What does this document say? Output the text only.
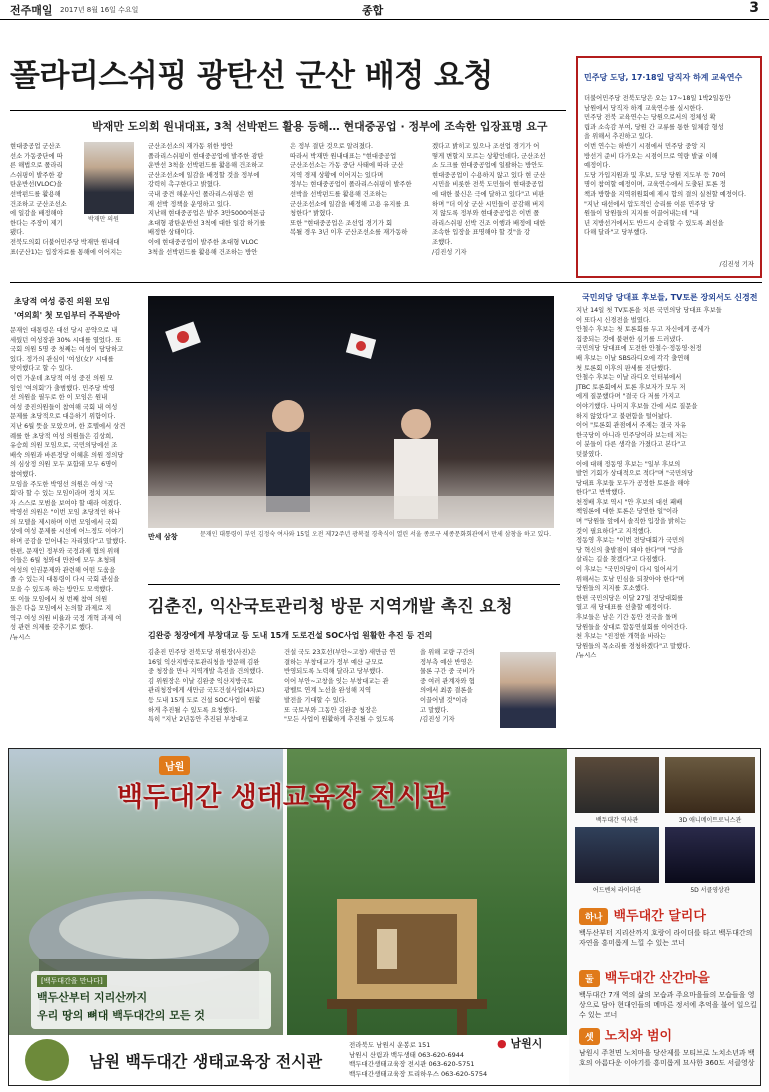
전주매일 2017년 8월 16일 수요일	종합	3
폴라리스쉬핑 광탄선 군산 배정 요청
박재만 도의회 원내대표, 3척 선박펀드 활용 등해… 현대중공업 · 정부에 조속한 입장표명 요구
박재만 의원
현대중공업 군산조
선소 가동중단에 따
른 해법으로 폴라리
스쉬핑이 발주한 광
탄운반선(VLOC)을
선박펀드를 활용해
건조하고 군산조선소
에 일감을 배정해야
한다는 주장이 제기
됐다.
전북도의회 더불어민주당 박재만 원내대
표(군산1)는 입장자료를 통해에 이어지는
군산조선소의 재가동 위한 방안
폴라리스쉬핑이 현대중공업에 발주한 광탄
운반선 3척을 선박펀드를 활용해 건조하고
군산조선소에 일감을 배정할 것을 정부에
강력히 촉구한다고 밝혔다.
국내 중견 해운사인 폴라리스쉬핑은 현
재 선박 정책을 운영하고 있다.
지난해 현대중공업은 발주 3만5000여톤급
초대형 광탄운반선 3척에 대한 일감 하기를
배정한 상태이다.
이에 현대중공업이 발주한 초대형 VLOC
3척을 선박펀드를 활용해 건조하는 방안
은 정부 결단 것으로 알려졌다.
따라서 박재만 원내대표는 "현대중공업
군산조선소는 가동 중단 사태에 따라 군산
지역 경제 상황에 이어지는 있다며
정부는 현대중공업이 폴라리스쉬핑이 발주한
선박을 선박펀드를 활용해 건조하는
군산조선소에 일감을 배정해 고용 유지를 요
청한다" 밝혔다.
또한 "현대중공업은 조선업 경기가 회
복될 경우 3년 이후 군산조선소를 재가동하
겠다고 밝히고 있으나 조선업 경기가 어
떻게 변할지 모르는 상황인데다, 군산조선
소 도크를 현대중공업에 일괄하는 방안도
현대중공업이 수용하지 않고 있다 현 군산
시민을 비롯한 전북 도민들이 현대중공업
에 대한 불신은 극에 달하고 있다"고 비판
하며 "더 이상 군산 시민들이 공감해 버지
지 않도록 정부와 현대중공업은 이번 폴
라리스쉬핑 선박 건조 이행과 배정에 대한
조속한 입장을 표명해야 할 것"을 강
조했다.
/김진성 기자
민주당 도당, 17·18일 당직자 하계 교육연수
더불어민주당 전북도당은 오는 17~18일 1박2일동안
남원에서 당직자 하계 교육연수를 실시한다.
민주당 전북 교육연수는 당원으로서의 정체성 확
립과 소속감 부여, 당원 간 교류를 통한 일체감 형성
을 위해서 추진하고 있다.
이번 연수는 하반기 시점에서 민주당 중앙 지
방선거 준비 다가오는 시점이므로 역량 발굴 이해
예정이다.
도당 가입지원과 및 후보, 도당 당원 지도부 등 70여
명이 참여할 예정이며, 교육연수에서 도출된 토론 정
책과 방향을 지역위원회에 제시 합의 결의 실천할 예정이다.
"지난 대선에서 압도적인 승리를 이룬 민주당 당
원들이 당원들의 지지를 이끌어내는데 "내
년 지방선거에서도 반드시 승리할 수 있도록 최선을
다해 달라"고 당부했다.
/김진성 기자
초당적 여성 중진 의원 모임
'여의회' 첫 모임부터 주목받아
문재인 대통령은 대선 당시 공약으로 내
세웠던 여성장관 30% 시대를 열었다. 또
국회 의원 5명 중 첫째는 여성이 담당하고
있다. 정가의 관심이 '여성(女)' 시대를
맞이했다고 할 수 있다.
이런 가운데 초당적 여성 중진 의원 모
임인 '여의회'가 출범했다. 민주당 박영
선 의원을 필두로 한 이 모임은 원내
여성 중진의원들이 참여해 국회 내 여성
문제를 초당적으로 대응하기 위함이다.
지난 6월 뜻을 모았으며, 한 호텔에서 상견
례를 한 초당적 여성 의원들은 김상희,
유승희 의원 모임으로, 국민의당에선 조
배숙 의원과 바른정당 이혜훈 의원 정의당
의 심상정 의원 모두 포함돼 모두 6명이
참여했다.
모임을 주도한 박영선 의원은 여성 '국
회'라 할 수 있는 모임이라며 정치 지도
자 스스로 모범을 보여야 할 때라 여겼다.
박영선 의원은 "이번 모임 초당적인 하나
의 모델을 제시하며 이번 모임에서 국회
상에 여성 문제를 시선에 어느정도 이야기
하며 공감을 얻어내는 자리였다"고 말했다.
한편, 문재인 정부와 국정과제 협의 위해
이들은 6월 청와대 만찬에 모두 초청돼
여성의 인권문제와 관련해 어떤 도움을
줄 수 있는지 대통령이 다시 국회 관심을
모을 수 있도록 하는 방안도 모색했다.
또 이들 모임에서 첫 번째 참여 의원
들은 다음 모임에서 논의할 과제로 지
역구 여성 의원 비율과 국정 개혁 과제 여
성 관련 의제를 갖추기로 했다.
/뉴시스
만세 삼창	문재인 대통령이 부인 김정숙 여사와 15일 오전 제72주년 광복절 경축식이 열린 서울 종로구 세종문화회관에서 만세 삼창을 하고 있다.
김춘진, 익산국토관리청 방문 지역개발 촉진 요청
김완중 청장에게 부창대교 등 도내 15개 도로건설 SOC사업 원활한 추진 등 건의
김춘진 민주당 전북도당 위원장(사진)은
16일 익산지방국토관리청을 방문해 김완
중 청장을 만나 지역개발 촉진을 건의했다.
김 위원장은 이날 김완중 익산지방국토
관리청장에게 새만금 국도건설사업(4차로)
등 도내 15개 도로 건설 SOC사업이 원활
하게 추진될 수 있도록 요청했다.
특히 "지난 2년동안 추진된 부창대교
건설 국도 23호선(부안~고창) 새만금 연
결하는 부창대교가 정부 예산 규모로
반영되도록 노력해 달라고 당부했다.
이어 부안~고창을 잇는 부창대교는 관
광벨트 연계 노선을 완성해 지역
발전을 기대할 수 있다.
또 국토부와 그동안 김완중 청장은
"모든 사업이 원활하게 추진될 수 있도록
을 위해 교량 구간의
정부측 예산 반영은
물론 구간 중 국비가
중 여러 관계자와 협
의에서 최종 결론을
이끌어낼 것"이라
고 말했다.
/김진성 기자
국민의당 당대표 후보들, TV토론 장외서도 신경전
지난 14일 첫 TV토론을 치른 국민의당 당대표 후보들
이 또다시 신경전을 벌였다.
안철수 후보는 첫 토론회를 두고 자신에게 공세가
집중되는 것에 불편한 심기를 드러냈다.
국민의당 당대표에 도전한 안철수·정동영·천정
배 후보는 이날 SBS라디오에 각각 출연해
첫 토론회 이후의 판세를 진단했다.
안철수 후보는 이날 라디오 인터뷰에서
JTBC 토론회에서 토론 후보자가 모두 저
에게 질문했다며 "결국 다 저를 가지고
이야기했다. 나머지 후보들 간에 서로 질문을
하지 않았다"고 불편함을 털어놨다.
이어 "토론회 관점에서 주제는 결국 자유
한국당이 아니라 민주당이라 보는데 저는
이 분들이 다른 생각을 가졌다고 본다"고
덧붙였다.
이에 대해 정동영 후보는 "일부 후보의
발언 기회가 상대적으로 적다"며 "국민의당
당대표 후보들 모두가 공정한 토론을 해야
한다"고 반박했다.
천정배 후보 역시 "안 후보의 대선 패배
책임론에 대한 토론은 당연한 일"이라
며 "당원들 앞에서 솔직한 입장을 밝히는
것이 필요하다"고 지적했다.
정동영 후보는 "이번 전당대회가 국민의
당 혁신의 출발점이 돼야 한다"며 "당을
살리는 길을 찾겠다"고 다짐했다.
이 후보는 "국민의당이 다시 일어서기
위해서는 호남 민심을 되찾아야 한다"며
당원들의 지지를 호소했다.
한편 국민의당은 이달 27일 전당대회를
열고 새 당대표를 선출할 예정이다.
후보들은 남은 기간 동안 전국을 돌며
당원들을 상대로 합동연설회를 이어간다.
천 후보는 "진정한 개혁을 바라는
당원들의 목소리를 경청하겠다"고 말했다.
/뉴시스
남원
백두대간 생태교육장 전시관
[백두대간을 만나다]
백두산부터 지리산까지
우리 땅의 뼈대 백두대간의 모든 것
백두대간 역사관	3D 애니메이트로닉스관
어드벤처 라이더관	5D 서클영상관
하나 백두대간 달리다
백두산부터 지리산까지 호랑이 라이더를 타고 백두대간의 자연을 흥미롭게 느낄 수 있는 코너
둘 백두대간 산간마을
백두대간 7개 역의 삶의 모습과 주요마을들의 모습들을 영상으로 담아 현대인들의 메마른 정서에 추억을 불어 일으킬 수 있는 코너
셋 노치와 범이
남원시 주천면 노치마을 당산제를 모티브로 노치소년과 백호의 아름다운 이야기를 흥미롭게 묘사한 360도 서클영상
남원 백두대간 생태교육장 전시관
전라북도 남원시 운봉로 151
남원시 산림과 백두생태 063-620-6944
백두대간생태교육장 전시관 063-620-5751
백두대간생태교육장 트리하우스 063-620-5754
● 남원시
